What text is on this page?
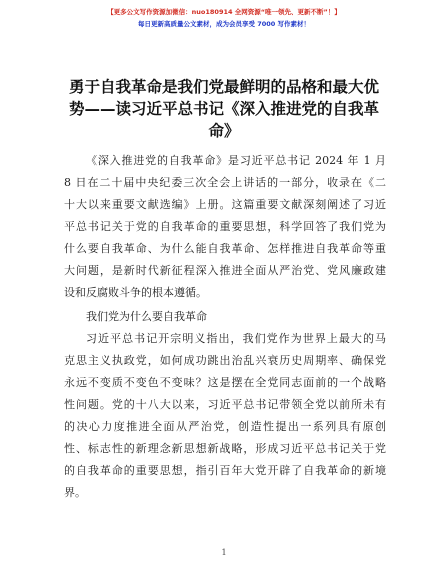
【更多公文写作资源加微信：nuo180914 全网资源“唯一领先、更新不断”！】
每日更新高质量公文素材，成为会员享受 7000 写作素材！
勇于自我革命是我们党最鲜明的品格和最大优
势——读习近平总书记《深入推进党的自我革
命》
《深入推进党的自我革命》是习近平总书记 2024 年 1 月
8 日在二十届中央纪委三次全会上讲话的一部分，收录在《二
十大以来重要文献选编》上册。这篇重要文献深刻阐述了习近
平总书记关于党的自我革命的重要思想，科学回答了我们党为
什么要自我革命、为什么能自我革命、怎样推进自我革命等重
大问题，是新时代新征程深入推进全面从严治党、党风廉政建
设和反腐败斗争的根本遵循。
我们党为什么要自我革命
习近平总书记开宗明义指出，我们党作为世界上最大的马
克思主义执政党，如何成功跳出治乱兴衰历史周期率、确保党
永远不变质不变色不变味？这是摆在全党同志面前的一个战略
性问题。党的十八大以来，习近平总书记带领全党以前所未有
的决心力度推进全面从严治党，创造性提出一系列具有原创
性、标志性的新理念新思想新战略，形成习近平总书记关于党
的自我革命的重要思想，指引百年大党开辟了自我革命的新境
界。
1
